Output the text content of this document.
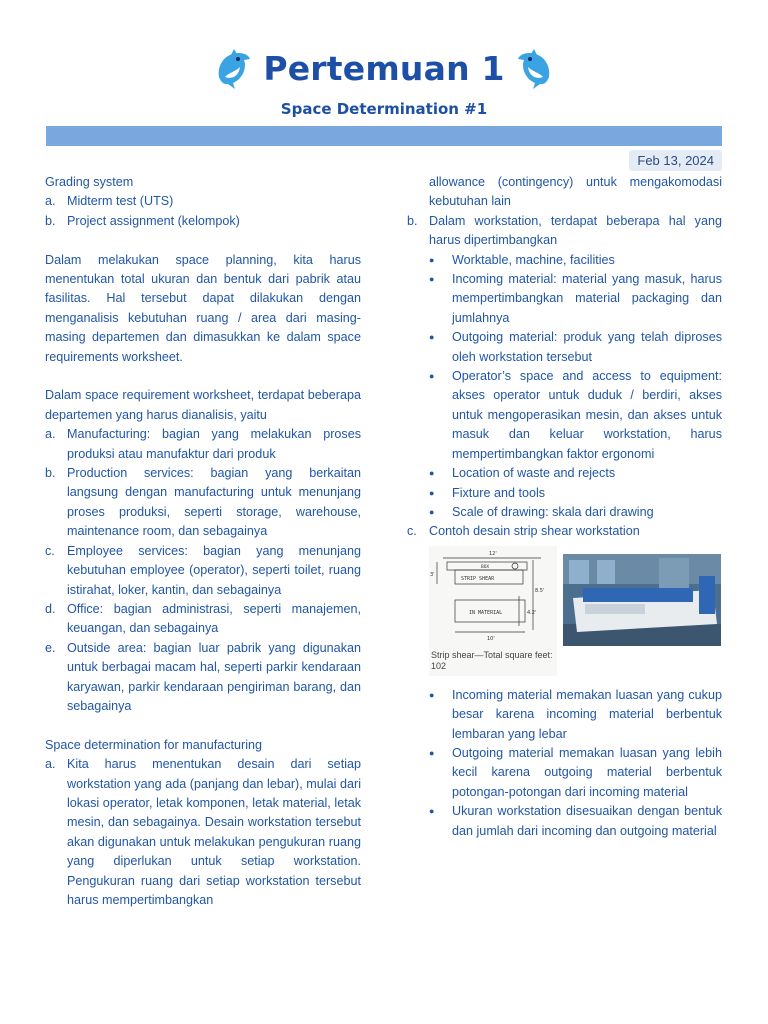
Pertemuan 1
Space Determination #1
Feb 13, 2024

Grading system

a. Midterm test (UTS)
b. Project assignment (kelompok)

Dalam melakukan space planning, kita harus menentukan total ukuran dan bentuk dari pabrik atau fasilitas. Hal tersebut dapat dilakukan dengan menganalisis kebutuhan ruang / area dari masing-masing departemen dan dimasukkan ke dalam space requirements worksheet.

Dalam space requirement worksheet, terdapat beberapa departemen yang harus dianalisis, yaitu

a. Manufacturing: bagian yang melakukan proses produksi atau manufaktur dari produk
b. Production services: bagian yang berkaitan langsung dengan manufacturing untuk menunjang proses produksi, seperti storage, warehouse, maintenance room, dan sebagainya
c. Employee services: bagian yang menunjang kebutuhan employee (operator), seperti toilet, ruang istirahat, loker, kantin, dan sebagainya
d. Office: bagian administrasi, seperti manajemen, keuangan, dan sebagainya
e. Outside area: bagian luar pabrik yang digunakan untuk berbagai macam hal, seperti parkir kendaraan karyawan, parkir kendaraan pengiriman barang, dan sebagainya

Space determination for manufacturing

a. Kita harus menentukan desain dari setiap workstation yang ada (panjang dan lebar), mulai dari lokasi operator, letak komponen, letak material, letak mesin, dan sebagainya. Desain workstation tersebut akan digunakan untuk melakukan pengukuran ruang yang diperlukan untuk setiap workstation. Pengukuran ruang dari setiap workstation tersebut harus mempertimbangkan

allowance (contingency) untuk mengakomodasi kebutuhan lain

b. Dalam workstation, terdapat beberapa hal yang harus dipertimbangkan
●	Worktable, machine, facilities
●	Incoming material: material yang masuk, harus mempertimbangkan material packaging dan jumlahnya
●	Outgoing material: produk yang telah diproses oleh workstation tersebut
●	Operator’s space and access to equipment: akses operator untuk duduk / berdiri, akses untuk mengoperasikan mesin, dan akses untuk masuk dan keluar workstation, harus mempertimbangkan faktor ergonomi
●	Location of waste and rejects
●	Fixture and tools
●	Scale of drawing: skala dari drawing
c. Contoh desain strip shear workstation
12'
3'
BOX
STRIP SHEAR
8.5'
4.2'
IN MATERIAL
10'
Strip shear—Total square feet: 102
●	Incoming material memakan luasan yang cukup besar karena incoming material berbentuk lembaran yang lebar
●	Outgoing material memakan luasan yang lebih kecil karena outgoing material berbentuk potongan-potongan dari incoming material
●	Ukuran workstation disesuaikan dengan bentuk dan jumlah dari incoming dan outgoing material
